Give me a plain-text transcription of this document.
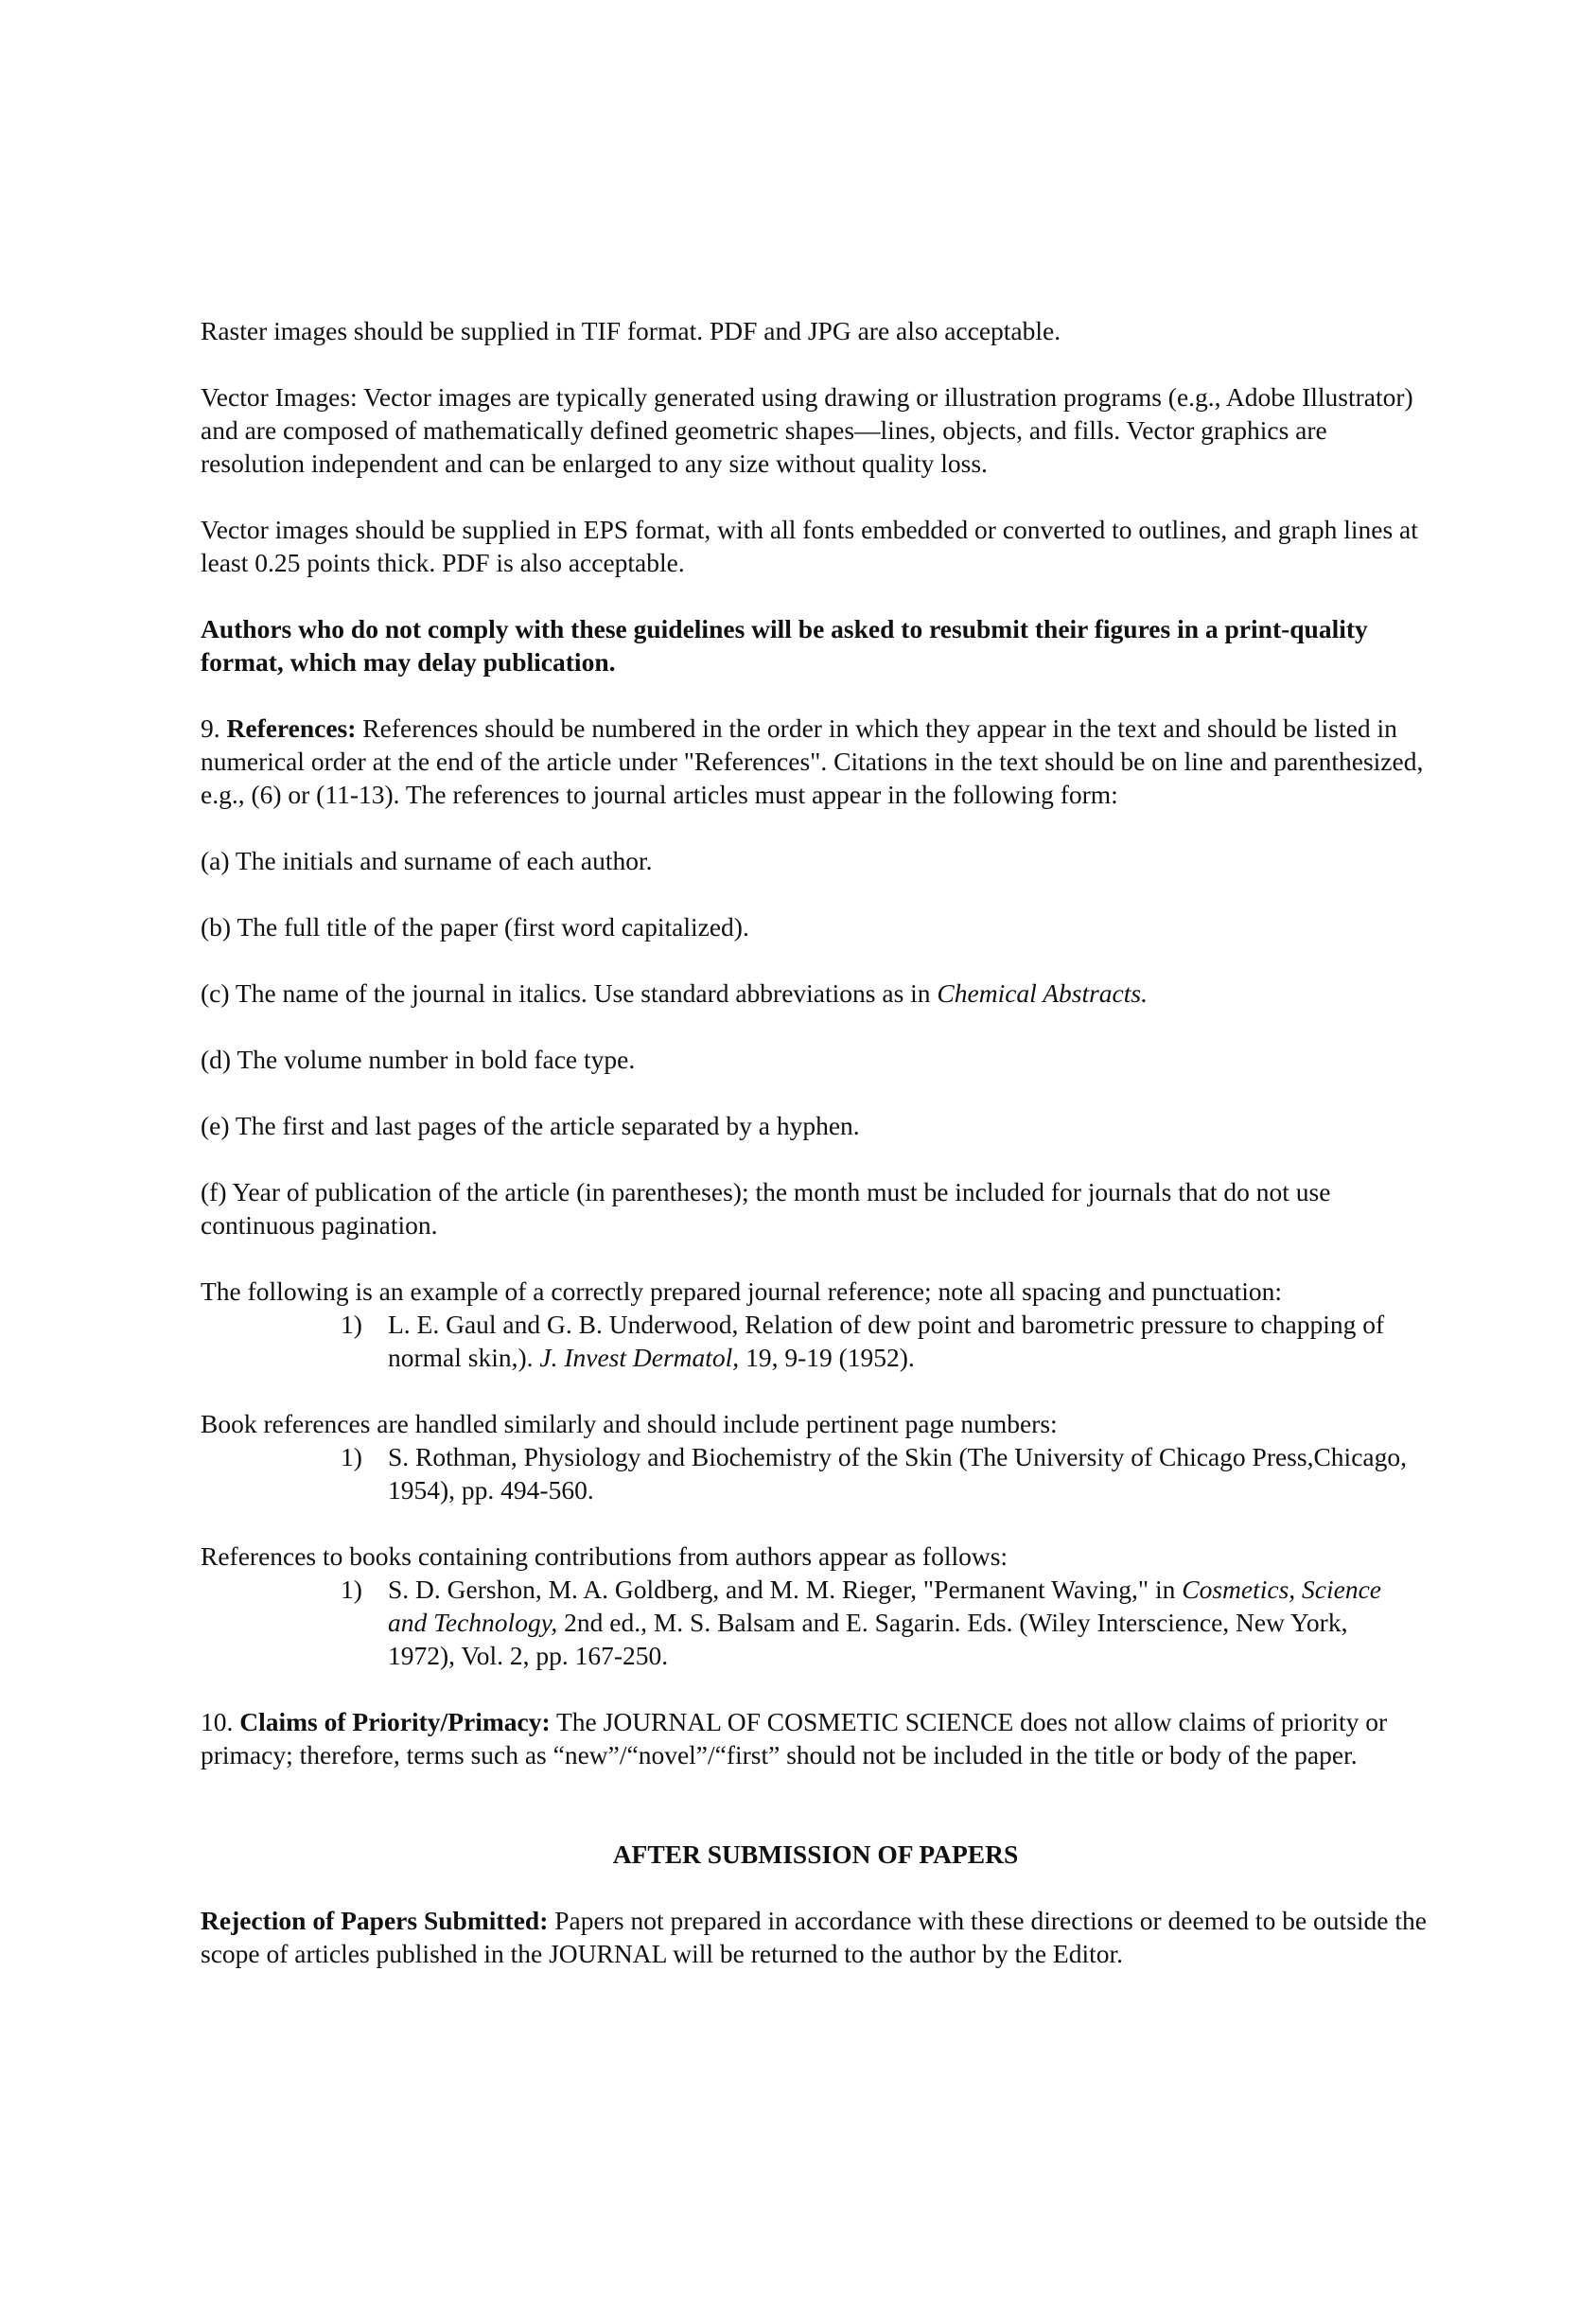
Raster images should be supplied in TIF format. PDF and JPG are also acceptable.

Vector Images: Vector images are typically generated using drawing or illustration programs (e.g., Adobe Illustrator) and are composed of mathematically defined geometric shapes—lines, objects, and fills. Vector graphics are resolution independent and can be enlarged to any size without quality loss.

Vector images should be supplied in EPS format, with all fonts embedded or converted to outlines, and graph lines at least 0.25 points thick. PDF is also acceptable.

Authors who do not comply with these guidelines will be asked to resubmit their figures in a print-quality format, which may delay publication.

9. References: References should be numbered in the order in which they appear in the text and should be listed in numerical order at the end of the article under "References". Citations in the text should be on line and parenthesized, e.g., (6) or (11-13). The references to journal articles must appear in the following form:

(a) The initials and surname of each author.

(b) The full title of the paper (first word capitalized).

(c) The name of the journal in italics. Use standard abbreviations as in Chemical Abstracts.

(d) The volume number in bold face type.

(e) The first and last pages of the article separated by a hyphen.

(f) Year of publication of the article (in parentheses); the month must be included for journals that do not use continuous pagination.

The following is an example of a correctly prepared journal reference; note all spacing and punctuation:

1) L. E. Gaul and G. B. Underwood, Relation of dew point and barometric pressure to chapping of normal skin,). J. Invest Dermatol, 19, 9-19 (1952).

Book references are handled similarly and should include pertinent page numbers:

1) S. Rothman, Physiology and Biochemistry of the Skin (The University of Chicago Press,Chicago, 1954), pp. 494-560.

References to books containing contributions from authors appear as follows:

1) S. D. Gershon, M. A. Goldberg, and M. M. Rieger, "Permanent Waving," in Cosmetics, Science and Technology, 2nd ed., M. S. Balsam and E. Sagarin. Eds. (Wiley Interscience, New York, 1972), Vol. 2, pp. 167-250.

10. Claims of Priority/Primacy: The JOURNAL OF COSMETIC SCIENCE does not allow claims of priority or primacy; therefore, terms such as “new”/“novel”/“first” should not be included in the title or body of the paper.

AFTER SUBMISSION OF PAPERS

Rejection of Papers Submitted: Papers not prepared in accordance with these directions or deemed to be outside the scope of articles published in the JOURNAL will be returned to the author by the Editor.
